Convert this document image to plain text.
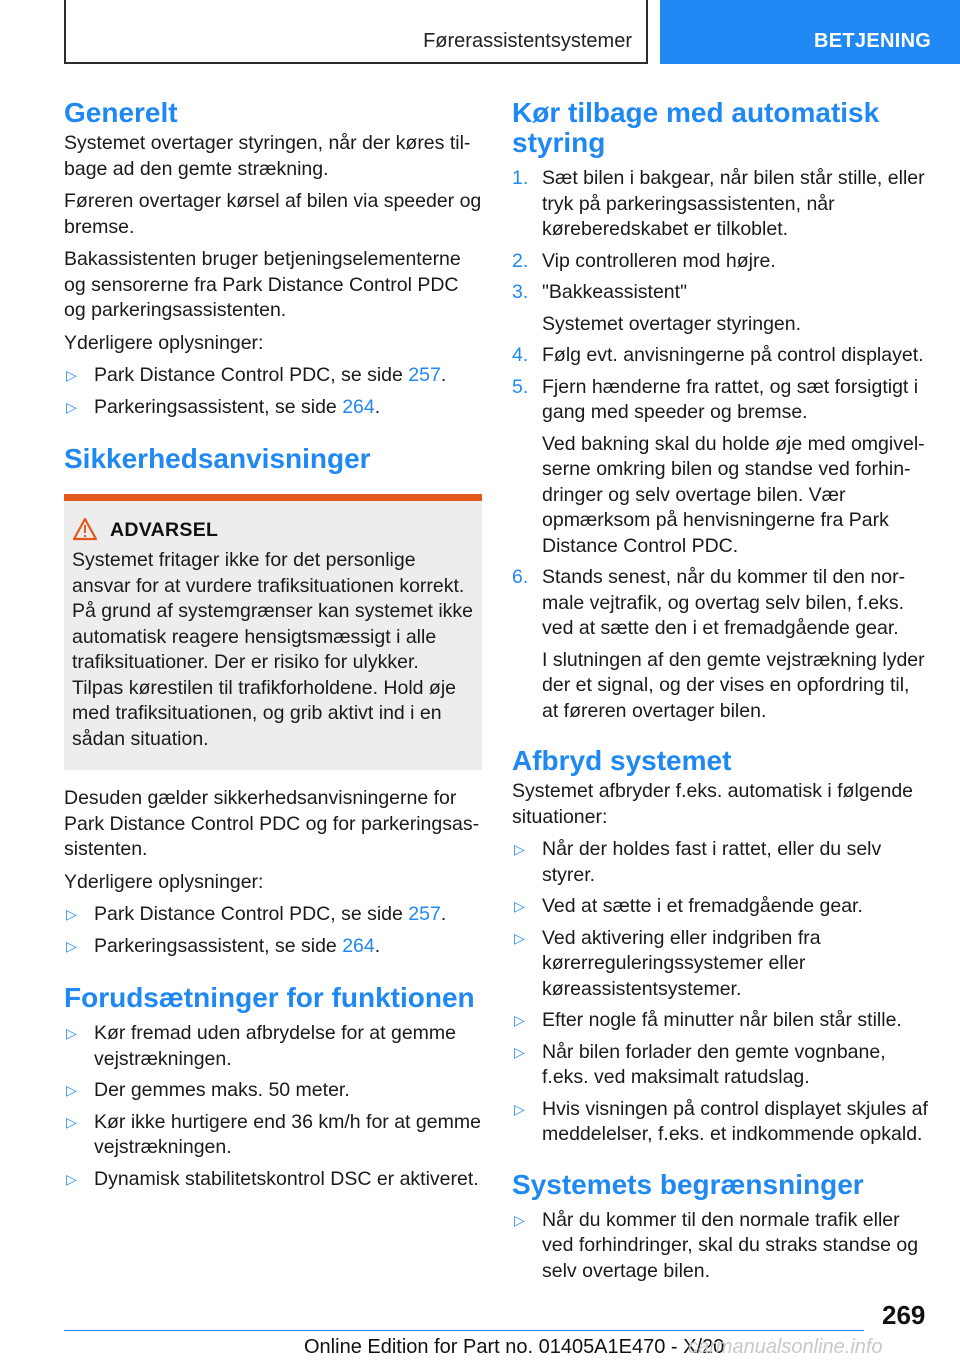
Førerassistentsystemer	BETJENING
Generelt

Systemet overtager styringen, når der køres tilbage ad den gemte strækning.

Føreren overtager kørsel af bilen via speeder og bremse.

Bakassistenten bruger betjeningselementerne og sensorerne fra Park Distance Control PDC og parkeringsassistenten.

Yderligere oplysninger:

▷ Park Distance Control PDC, se side 257.
▷ Parkeringsassistent, se side 264.
Sikkerhedsanvisninger
ADVARSEL

Systemet fritager ikke for det personlige ansvar for at vurdere trafiksituationen korrekt. På grund af systemgrænser kan systemet ikke automatisk reagere hensigtsmæssigt i alle trafiksituationer. Der er risiko for ulykker. Tilpas kørestilen til trafikforholdene. Hold øje med trafiksituationen, og grib aktivt ind i en sådan situation.

Desuden gælder sikkerhedsanvisningerne for Park Distance Control PDC og for parkeringsassistenten.

Yderligere oplysninger:

▷ Park Distance Control PDC, se side 257.
▷ Parkeringsassistent, se side 264.
Forudsætninger for funktionen
▷ Kør fremad uden afbrydelse for at gemme vejstrækningen.
▷ Der gemmes maks. 50 meter.
▷ Kør ikke hurtigere end 36 km/h for at gemme vejstrækningen.
▷ Dynamisk stabilitetskontrol DSC er aktiveret.
Kør tilbage med automatisk styring
1. Sæt bilen i bakgear, når bilen står stille, eller tryk på parkeringsassistenten, når køreberedskabet er tilkoblet.
2. Vip controlleren mod højre.
3. "Bakkeassistent"

Systemet overtager styringen.

4. Følg evt. anvisningerne på control displayet.
5. Fjern hænderne fra rattet, og sæt forsigtigt i gang med speeder og bremse.

Ved bakning skal du holde øje med omgivelserne omkring bilen og standse ved forhindringer og selv overtage bilen. Vær opmærksom på henvisningerne fra Park Distance Control PDC.

6. Stands senest, når du kommer til den normale vejtrafik, og overtag selv bilen, f.eks. ved at sætte den i et fremadgående gear.

I slutningen af den gemte vejstrækning lyder der et signal, og der vises en opfordring til, at føreren overtager bilen.

Afbryd systemet

Systemet afbryder f.eks. automatisk i følgende situationer:

▷ Når der holdes fast i rattet, eller du selv styrer.
▷ Ved at sætte i et fremadgående gear.
▷ Ved aktivering eller indgriben fra kørerreguleringssystemer eller køreassistentsystemer.
▷ Efter nogle få minutter når bilen står stille.
▷ Når bilen forlader den gemte vognbane, f.eks. ved maksimalt ratudslag.
▷ Hvis visningen på control displayet skjules af meddelelser, f.eks. et indkommende opkald.
Systemets begrænsninger
▷ Når du kommer til den normale trafik eller ved forhindringer, skal du straks standse og selv overtage bilen.
269
Online Edition for Part no. 01405A1E470 - X/20
carmanualsonline.info
